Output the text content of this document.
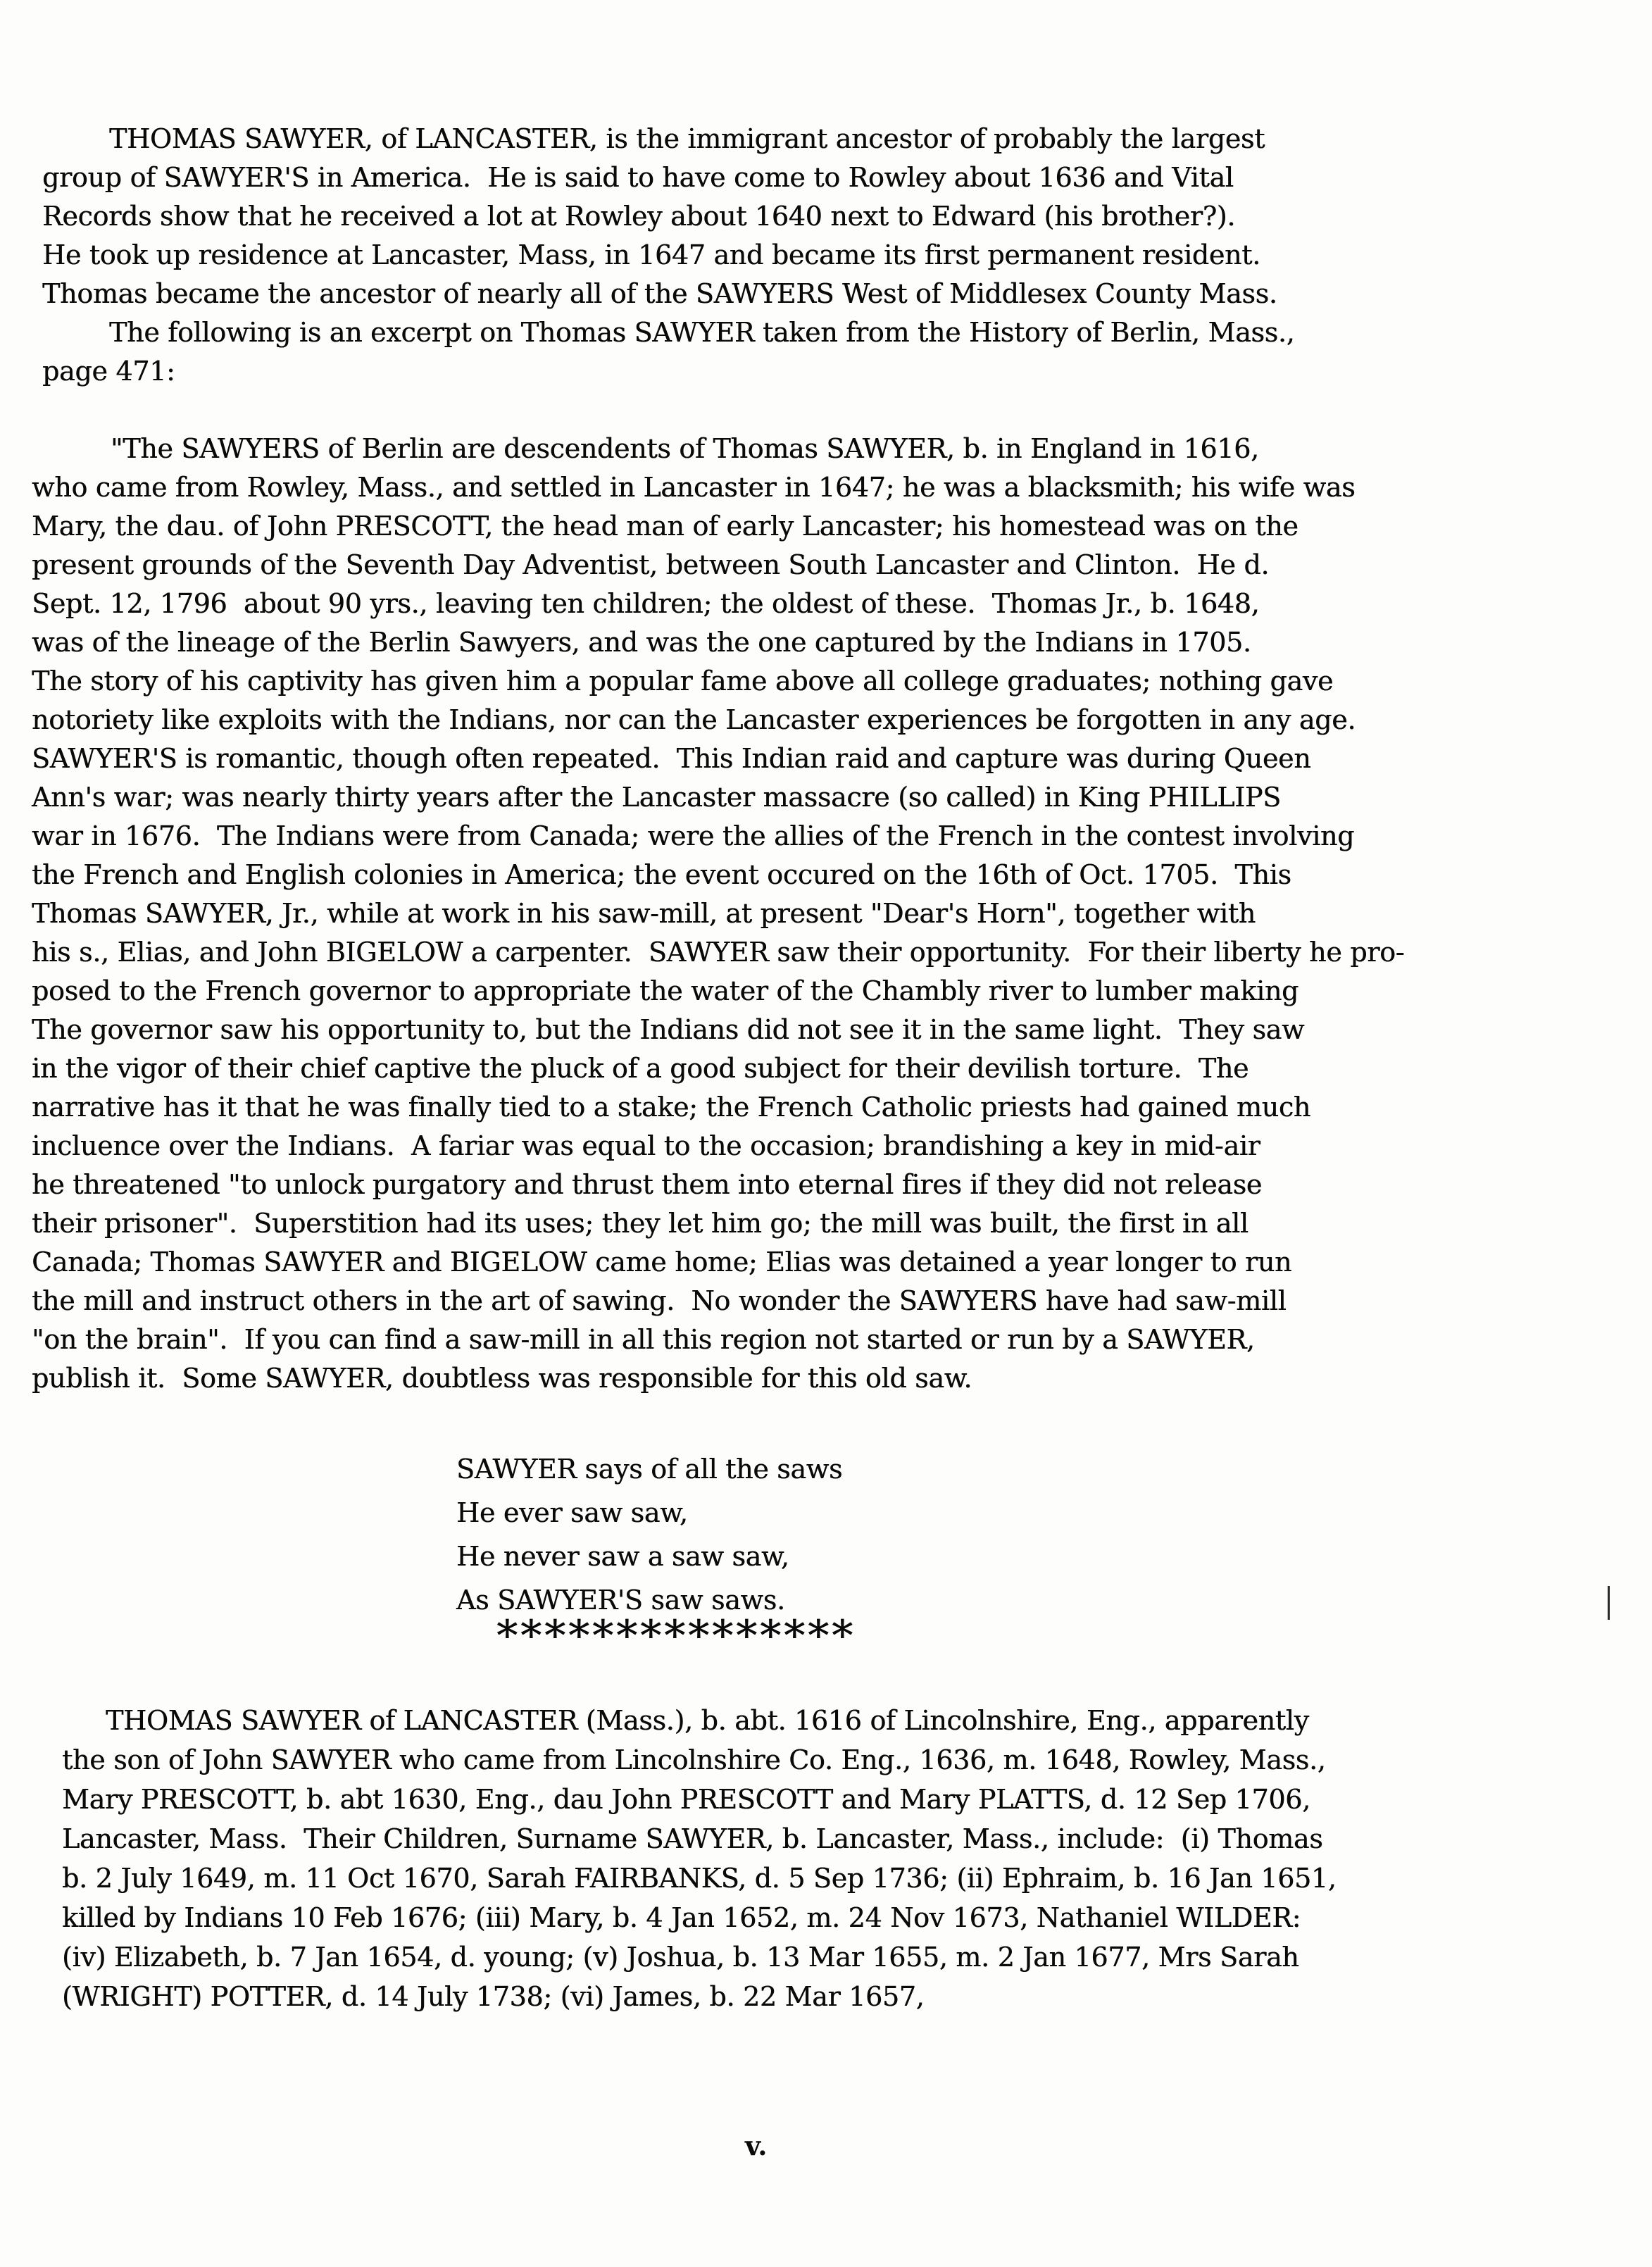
THOMAS SAWYER, of LANCASTER, is the immigrant ancestor of probably the largest
group of SAWYER'S in America.  He is said to have come to Rowley about 1636 and Vital
Records show that he received a lot at Rowley about 1640 next to Edward (his brother?).
He took up residence at Lancaster, Mass, in 1647 and became its first permanent resident.
Thomas became the ancestor of nearly all of the SAWYERS West of Middlesex County Mass.
The following is an excerpt on Thomas SAWYER taken from the History of Berlin, Mass.,
page 471:
"The SAWYERS of Berlin are descendents of Thomas SAWYER, b. in England in 1616,
who came from Rowley, Mass., and settled in Lancaster in 1647; he was a blacksmith; his wife was
Mary, the dau. of John PRESCOTT, the head man of early Lancaster; his homestead was on the
present grounds of the Seventh Day Adventist, between South Lancaster and Clinton.  He d.
Sept. 12, 1796  about 90 yrs., leaving ten children; the oldest of these.  Thomas Jr., b. 1648,
was of the lineage of the Berlin Sawyers, and was the one captured by the Indians in 1705.
The story of his captivity has given him a popular fame above all college graduates; nothing gave
notoriety like exploits with the Indians, nor can the Lancaster experiences be forgotten in any age.
SAWYER'S is romantic, though often repeated.  This Indian raid and capture was during Queen
Ann's war; was nearly thirty years after the Lancaster massacre (so called) in King PHILLIPS
war in 1676.  The Indians were from Canada; were the allies of the French in the contest involving
the French and English colonies in America; the event occured on the 16th of Oct. 1705.  This
Thomas SAWYER, Jr., while at work in his saw-mill, at present "Dear's Horn", together with
his s., Elias, and John BIGELOW a carpenter.  SAWYER saw their opportunity.  For their liberty he pro-
posed to the French governor to appropriate the water of the Chambly river to lumber making
The governor saw his opportunity to, but the Indians did not see it in the same light.  They saw
in the vigor of their chief captive the pluck of a good subject for their devilish torture.  The
narrative has it that he was finally tied to a stake; the French Catholic priests had gained much
incluence over the Indians.  A fariar was equal to the occasion; brandishing a key in mid-air
he threatened "to unlock purgatory and thrust them into eternal fires if they did not release
their prisoner".  Superstition had its uses; they let him go; the mill was built, the first in all
Canada; Thomas SAWYER and BIGELOW came home; Elias was detained a year longer to run
the mill and instruct others in the art of sawing.  No wonder the SAWYERS have had saw-mill
"on the brain".  If you can find a saw-mill in all this region not started or run by a SAWYER,
publish it.  Some SAWYER, doubtless was responsible for this old saw.
SAWYER says of all the saws
He ever saw saw,
He never saw a saw saw,
As SAWYER'S saw saws.
***************
THOMAS SAWYER of LANCASTER (Mass.), b. abt. 1616 of Lincolnshire, Eng., apparently
the son of John SAWYER who came from Lincolnshire Co. Eng., 1636, m. 1648, Rowley, Mass.,
Mary PRESCOTT, b. abt 1630, Eng., dau John PRESCOTT and Mary PLATTS, d. 12 Sep 1706,
Lancaster, Mass.  Their Children, Surname SAWYER, b. Lancaster, Mass., include:  (i) Thomas
b. 2 July 1649, m. 11 Oct 1670, Sarah FAIRBANKS, d. 5 Sep 1736; (ii) Ephraim, b. 16 Jan 1651,
killed by Indians 10 Feb 1676; (iii) Mary, b. 4 Jan 1652, m. 24 Nov 1673, Nathaniel WILDER:
(iv) Elizabeth, b. 7 Jan 1654, d. young; (v) Joshua, b. 13 Mar 1655, m. 2 Jan 1677, Mrs Sarah
(WRIGHT) POTTER, d. 14 July 1738; (vi) James, b. 22 Mar 1657,
v.
